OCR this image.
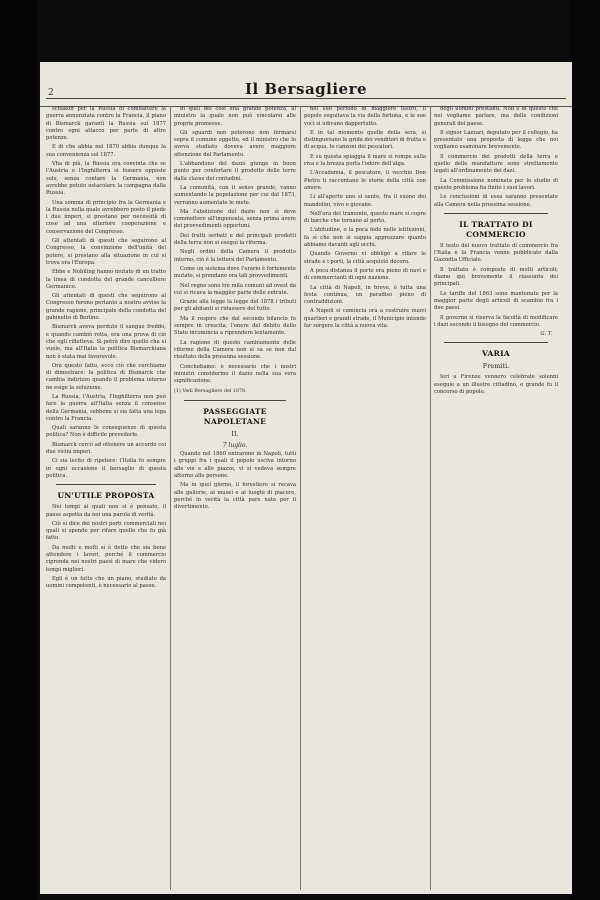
2	Il Bersagliere

schakoff per la Russia di combattere la guerra annunziata contro la Francia, il piano di Bismarck garantì la Russia sul 1877 contro ogni attacco per parte di altre potenze.

E di che abbia nel 1870 abbia dunque la sua convenienza sul 1877.

Vha di più, la Russia era convinta che se l'Austria e l'Inghilterra si fossero opposte sole, senza contare la Germania, non avrebbe potuto ostacolare la campagna dalla Russia.

Una somma di principio fra la Germania e la Russia nella quale avrebbero posto il piede i due imperi, si prestano per necessità di cose ad una ulteriore cooperazione e conservazione del Congresso.

Gli attentati di questi che seguirono al Congresso, la convinzione dell'unità del potere, si prestano alla situazione in cui si trova ora l'Europa.

Ebbe e Nobiling hanno mutato di un tratto la linea di condotta del grande cancelliere Germanico.

Gli attentati di questi che seguirono al Congresso furono pertanto a nostro avviso la grande ragione, principale della condotta del gabinetto di Berlino.

Bismarck aveva perduto il sangue freddo, e quando cambiò rotta, era una prova di ciò che egli rifletteva. Si potrà dire quello che si vuole, ma all'Italia la politica Bismarckiana non è stata mai favorevole.

Ora questo fatto, ecco ciò che cerchiamo di dimostrare: la politica di Bismarck che cambia indirizzo quando il problema interno ne esige la soluzione.

La Russia, l'Austria, l'Inghilterra non può fare la guerra all'Italia senza il consenso della Germania, sebbene si sia fatta una lega contro la Francia.

Quali saranno le conseguenze di questa politica? Non è difficile prevederle.

Bismarck cercò ad ottenere un accordo coi due vicini imperi.

Ci sia lecito di ripetere: l'Italia fu sempre in ogni occasione il bersaglio di questa politica.

UN'UTILE PROPOSTA

Nei tempi ai quali non si è pensato, il paese aspetta da noi una parola di verità.

Ciò si dice dei nostri porti commerciali nei quali si spende per rifare quello che fu già fatto.

Da molti e molti si è detto che sia bene attendere i lavori, perché il commercio riprenda nei nostri paesi di mare che videro tempi migliori.

Egli è un fatto che un piano, studiato da uomini competenti, è necessario al paese.

di quel dei così una grande potenza, al ministro la quale non può vincolarsi alle proprie promesse.

Gli sguardi non poterono non fermarsi sopra il comune oggetto, ed il ministro che lo aveva studiato doveva avere maggiore attenzione del Parlamento.

L'abbandono del dazio giunge in buon punto per confortare il prodotto delle terre dalla classe dei contadini.

La comunità, con il senso grande, vanno aumentando la popolazione per cui dal 1873, verranno aumentate le mete.

Ma l'abolizione del dazio non si deve commettere all'impensata, senza prima avere dei provvedimenti opportuni.

Dei frutti serbati e del principali prodotti della terra non si eseguì la riforma.

Negli ordini della Camera il prodotto interno, ciò è la lettera del Parlamento.

Come un sistema dove l'erario è fortemente mutato, si prendano ora tali provvedimenti.

Nel regno sono tre mila comuni ad ovest da cui si ricava la maggior parte delle entrate.

Grazie alla legge la legge del 1878 i tributi per gli abitanti si ridussero del tutto.

Ma il respiro che dal secondo bilancio fu sempre in crescita, l'onere del debito dello Stato incomincia a riprendere lentamente.

La ragione di questo cambiamento delle riforme della Camera non si sa se non dal risultato della prossima sessione.

Concludiamo: è necessario che i nostri ministri considerino il dazio nella sua vera significazione.

(1) Vedi Bersagliere del 1878.
PASSEGGIATE NAPOLETANE
II.
7 luglio.

Quando nel 1860 entrarono in Napoli, tutti i gruppi fra i quali il popolo usciva intorno alle vie e alle piazze, vi si vedeva sempre attorno alle persone.

Ma in quel giorno, il forestiero si recava alle gallerie, ai musei e ai luoghi di piacere, perché in verità la città pare nata per il divertimento.

nel suo periodo di maggiore lustro, il popolo seguitava la via della fortuna, e le sue voci si udivano dappertutto.

E in tal momento quelle della sera, si distinguevano le grida dei venditori di frutta e di acqua, le canzoni dei pescatori.

E su questa spiaggia il mare si rompe sulla riva e la brezza porta l'odore dell'alga.

L'Accademia, il pescatore, il vecchio Don Pietro ti raccontano le storie della città con amore.

Li all'aperto uno si sente, fra il suono dei mandolini, vivo e giovane.

Nell'ora del tramonto, questo mare si copre di barche che tornano al porto.

L'abitudine, o la poca fede nelle istituzioni, fa sì che non si sappia apprezzare quanto abbiamo davanti agli occhi.

Quando Governo vi obbligò a rifare le strade e i porti, la città acquistò decoro.

A poca distanza il porto era pieno di navi e di commercianti di ogni nazione.

La città di Napoli, in breve, è tutta una festa continua, un paradiso pieno di contraddizioni.

A Napoli si comincia ora a costruire nuovi quartieri e grandi strade, il Municipio intende far sorgere la città a nuova vita.

degli uomini prestanti. Non è di questo che noi vogliamo parlare, ma delle condizioni generali del paese.

Il signor Lazzari, deputato per il collegio, ha presentato una proposta di legge che noi vogliamo esaminare brevemente.

Il commercio dei prodotti della terra e quello delle manifatture sono strettamente legati all'ordinamento dei dazi.

La Commissione nominata per lo studio di questo problema ha finito i suoi lavori.

Le conclusioni di essa saranno presentate alla Camera nella prossima sessione.

IL TRATTATO DI COMMERCIO

Il testo del nuovo trattato di commercio fra l'Italia e la Francia venne pubblicato dalla Gazzetta Ufficiale.

Il trattato è composto di molti articoli; diamo qui brevemente il riassunto dei principali.

Le tariffe del 1863 sono mantenute per la maggior parte degli articoli di scambio fra i due paesi.

Il governo si riserva la facoltà di modificare i dazi secondo il bisogno del commercio.

G. T.

VARIA
Fremiti.

Ieri a Firenze vennero celebrate solenni esequie a un illustre cittadino, e grande fu il concorso di popolo.
